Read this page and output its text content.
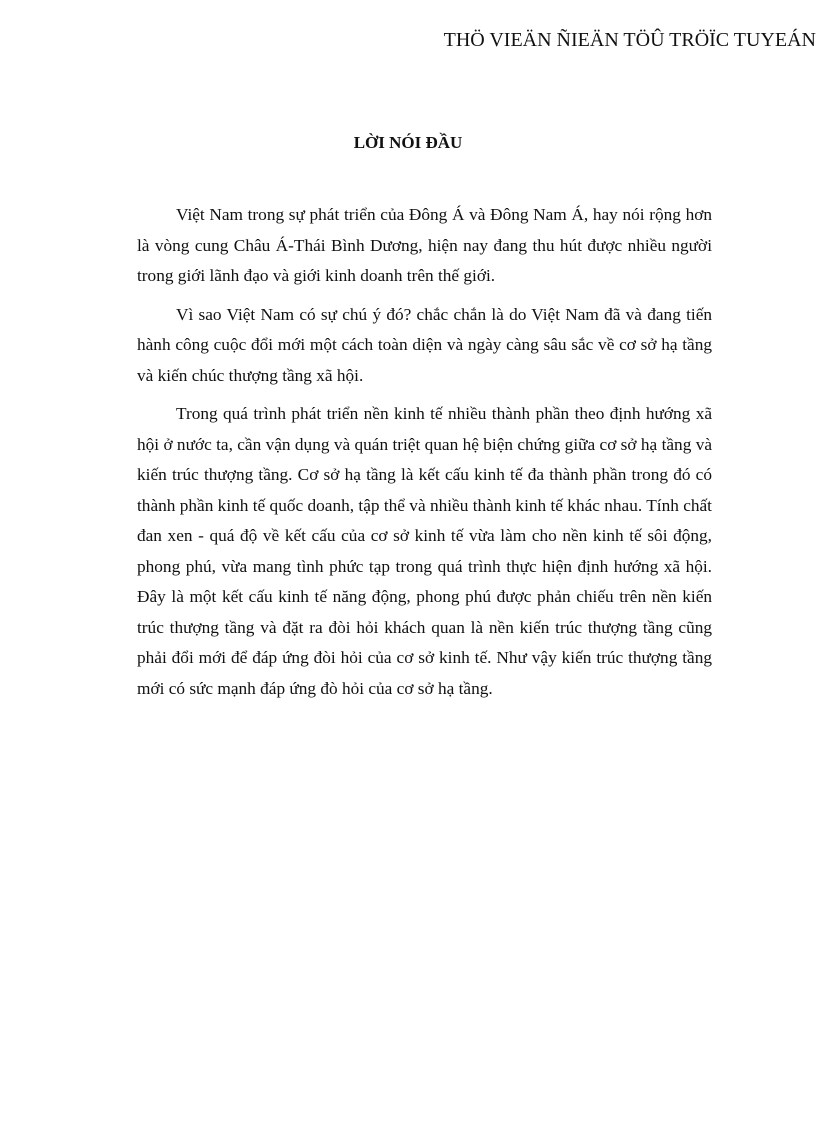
THÖ VIEÄN ÑIEÄN TÖÛ TRÖÏC TUYEÁN
LỜI NÓI ĐẦU

Việt Nam trong sự phát triển của Đông Á và Đông Nam Á, hay nói rộng hơn là vòng cung Châu Á-Thái Bình Dương, hiện nay đang thu hút được nhiều người trong giới lãnh đạo và giới kinh doanh trên thế giới.

Vì sao Việt Nam có sự chú ý đó? chắc chắn là do Việt Nam đã và đang tiến hành công cuộc đổi mới một cách toàn diện và ngày càng sâu sắc về cơ sở hạ tầng và kiến chúc thượng tầng xã hội.

Trong quá trình phát triển nền kinh tế nhiều thành phần theo định hướng xã hội ở nước ta, cần vận dụng và quán triệt quan hệ biện chứng giữa cơ sở hạ tầng và kiến trúc thượng tầng. Cơ sở hạ tầng là kết cấu kinh tế đa thành phần trong đó có thành phần kinh tế quốc doanh, tập thể và nhiều thành kinh tế khác nhau. Tính chất đan xen - quá độ về kết cấu của cơ sở kinh tế vừa làm cho nền kinh tế sôi động, phong phú, vừa mang tình phức tạp trong quá trình thực hiện định hướng xã hội. Đây là một kết cấu kinh tế năng động, phong phú được phản chiếu trên nền kiến trúc thượng tầng và đặt ra đòi hỏi khách quan là nền kiến trúc thượng tầng cũng phải đổi mới để đáp ứng đòi hỏi của cơ sở kinh tế. Như vậy kiến trúc thượng tầng mới có sức mạnh đáp ứng đò hỏi của cơ sở hạ tầng.
